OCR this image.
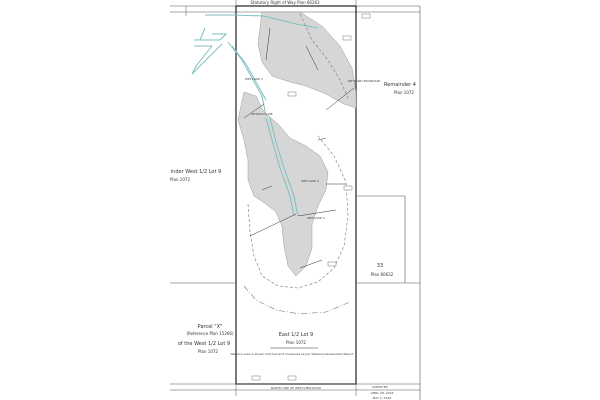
Statutory Right of Way Plan 66263
Remainder 4
Plan 1072
inder West 1/2 Lot 9
Plan 1072
33
Plan 60632
Parcel "X"
(Reference Plan 15266)
of the West 1/2 Lot 9
Plan 1072
East 1/2 Lot 9
Plan 1072
WETLAND 1
WETLAND 3
WETLAND 2
WETLAND BOUNDARY
SETBACK LINE
Wetland area is shown hatched and measured as per Wetland Assessment Report
NORTH LINE OF WESTVIEW ROAD	SURVEYED
APRIL 28, 2016
MAY 2, 2016
